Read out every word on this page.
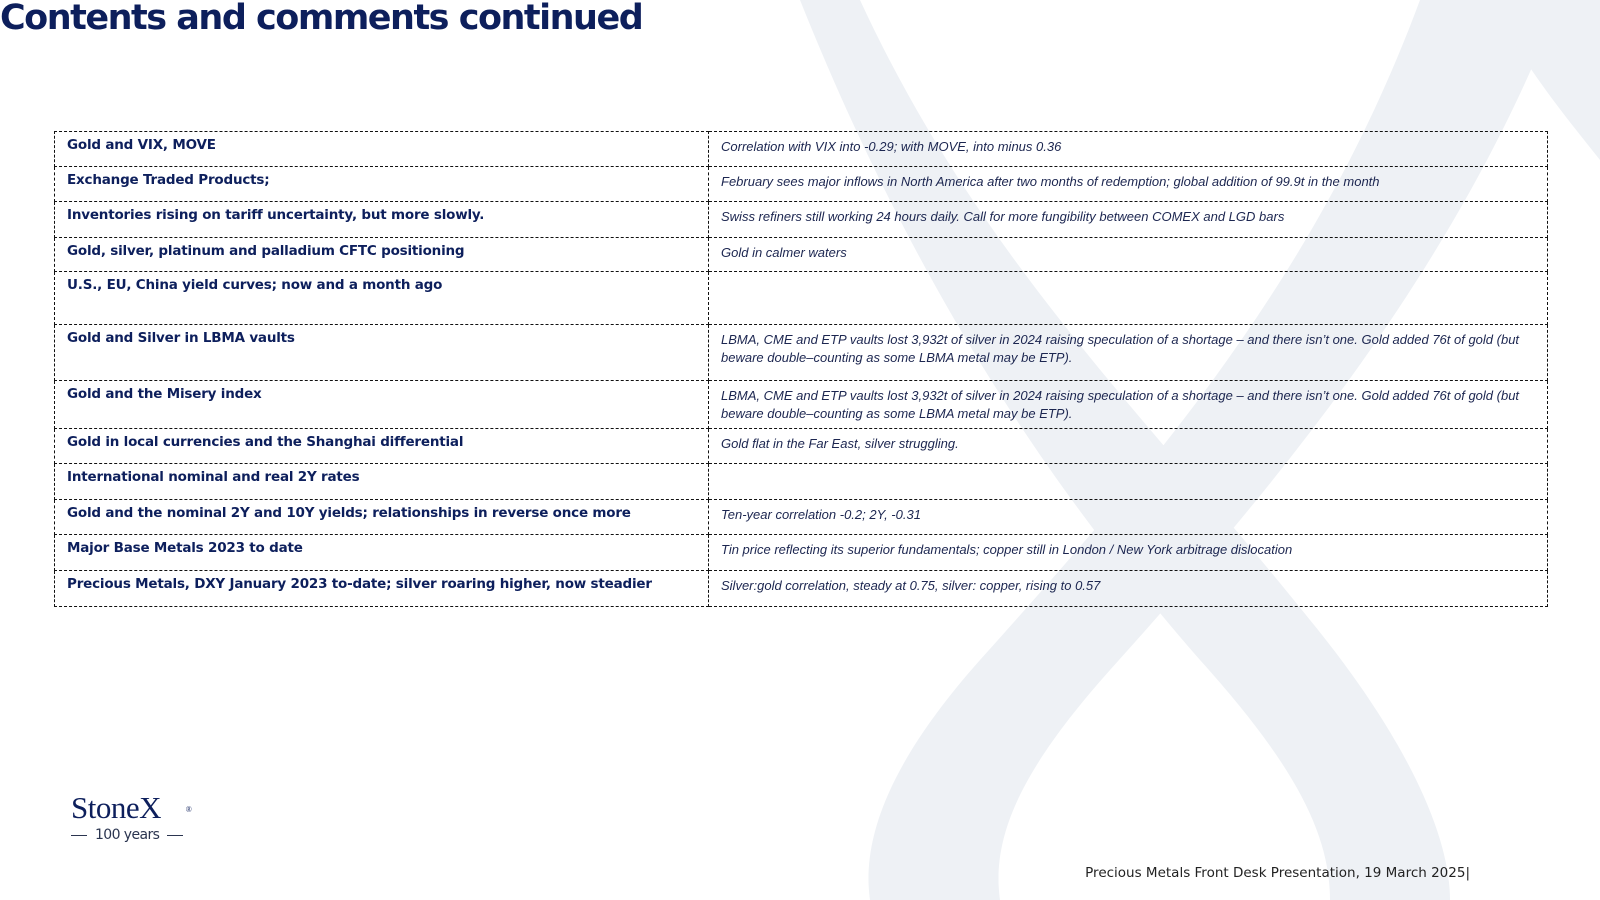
Contents and comments continued
Gold and VIX, MOVE	Correlation with VIX into -0.29; with MOVE, into minus 0.36
Exchange Traded Products;	February sees major inflows in North America after two months of redemption; global addition of 99.9t in the month
Inventories rising on tariff uncertainty, but more slowly.	Swiss refiners still working 24 hours daily. Call for more fungibility between COMEX and LGD bars
Gold, silver, platinum and palladium CFTC positioning	Gold in calmer waters
U.S., EU, China yield curves; now and a month ago	
Gold and Silver in LBMA vaults	LBMA, CME and ETP vaults lost 3,932t of silver in 2024 raising speculation of a shortage – and there isn’t one. Gold added 76t of gold (but beware double–counting as some LBMA metal may be ETP).
Gold and the Misery index	LBMA, CME and ETP vaults lost 3,932t of silver in 2024 raising speculation of a shortage – and there isn’t one. Gold added 76t of gold (but beware double–counting as some LBMA metal may be ETP).
Gold in local currencies and the Shanghai differential	Gold flat in the Far East, silver struggling.
International nominal and real 2Y rates	
Gold and the nominal 2Y and 10Y yields; relationships in reverse once more	Ten-year correlation -0.2; 2Y, -0.31
Major Base Metals 2023 to date	Tin price reflecting its superior fundamentals; copper still in London / New York arbitrage dislocation
Precious Metals, DXY January 2023 to-date; silver roaring higher, now steadier	Silver:gold correlation, steady at 0.75, silver: copper, rising to 0.57
StoneX	®
100 years
Precious Metals Front Desk Presentation, 19 March 2025|
